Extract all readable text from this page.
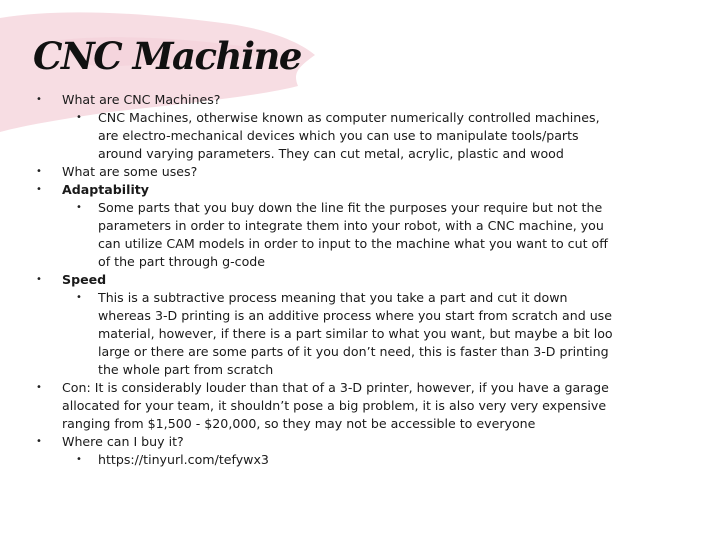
CNC Machine
• What are CNC Machines?
• CNC Machines, otherwise known as computer numerically controlled machines,
are electro-mechanical devices which you can use to manipulate tools/parts
around varying parameters. They can cut metal, acrylic, plastic and wood
• What are some uses?
• Adaptability
• Some parts that you buy down the line fit the purposes your require but not the
parameters in order to integrate them into your robot, with a CNC machine, you
can utilize CAM models in order to input to the machine what you want to cut off
of the part through g-code
• Speed
• This is a subtractive process meaning that you take a part and cut it down
whereas 3-D printing is an additive process where you start from scratch and use
material, however, if there is a part similar to what you want, but maybe a bit loo
large or there are some parts of it you don’t need, this is faster than 3-D printing
the whole part from scratch
• Con: It is considerably louder than that of a 3-D printer, however, if you have a garage
allocated for your team, it shouldn’t pose a big problem, it is also very very expensive
ranging from $1,500 - $20,000, so they may not be accessible to everyone
• Where can I buy it?
• https://tinyurl.com/tefywx3
